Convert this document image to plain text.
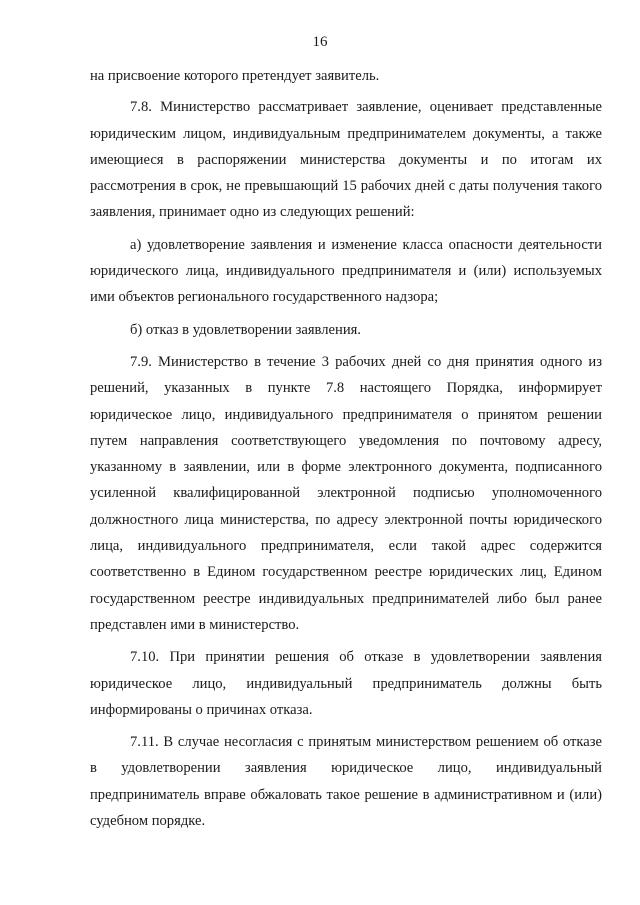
16

на присвоение которого претендует заявитель.

7.8. Министерство рассматривает заявление, оценивает представленные юридическим лицом, индивидуальным предпринимателем документы, а также имеющиеся в распоряжении министерства документы и по итогам их рассмотрения в срок, не превышающий 15 рабочих дней с даты получения такого заявления, принимает одно из следующих решений:

а) удовлетворение заявления и изменение класса опасности деятельности юридического лица, индивидуального предпринимателя и (или) используемых ими объектов регионального государственного надзора;

б) отказ в удовлетворении заявления.

7.9. Министерство в течение 3 рабочих дней со дня принятия одного из решений, указанных в пункте 7.8 настоящего Порядка, информирует юридическое лицо, индивидуального предпринимателя о принятом решении путем направления соответствующего уведомления по почтовому адресу, указанному в заявлении, или в форме электронного документа, подписанного усиленной квалифицированной электронной подписью уполномоченного должностного лица министерства, по адресу электронной почты юридического лица, индивидуального предпринимателя, если такой адрес содержится соответственно в Едином государственном реестре юридических лиц, Едином государственном реестре индивидуальных предпринимателей либо был ранее представлен ими в министерство.

7.10. При принятии решения об отказе в удовлетворении заявления юридическое лицо, индивидуальный предприниматель должны быть информированы о причинах отказа.

7.11. В случае несогласия с принятым министерством решением об отказе в удовлетворении заявления юридическое лицо, индивидуальный предприниматель вправе обжаловать такое решение в административном и (или) судебном порядке.
